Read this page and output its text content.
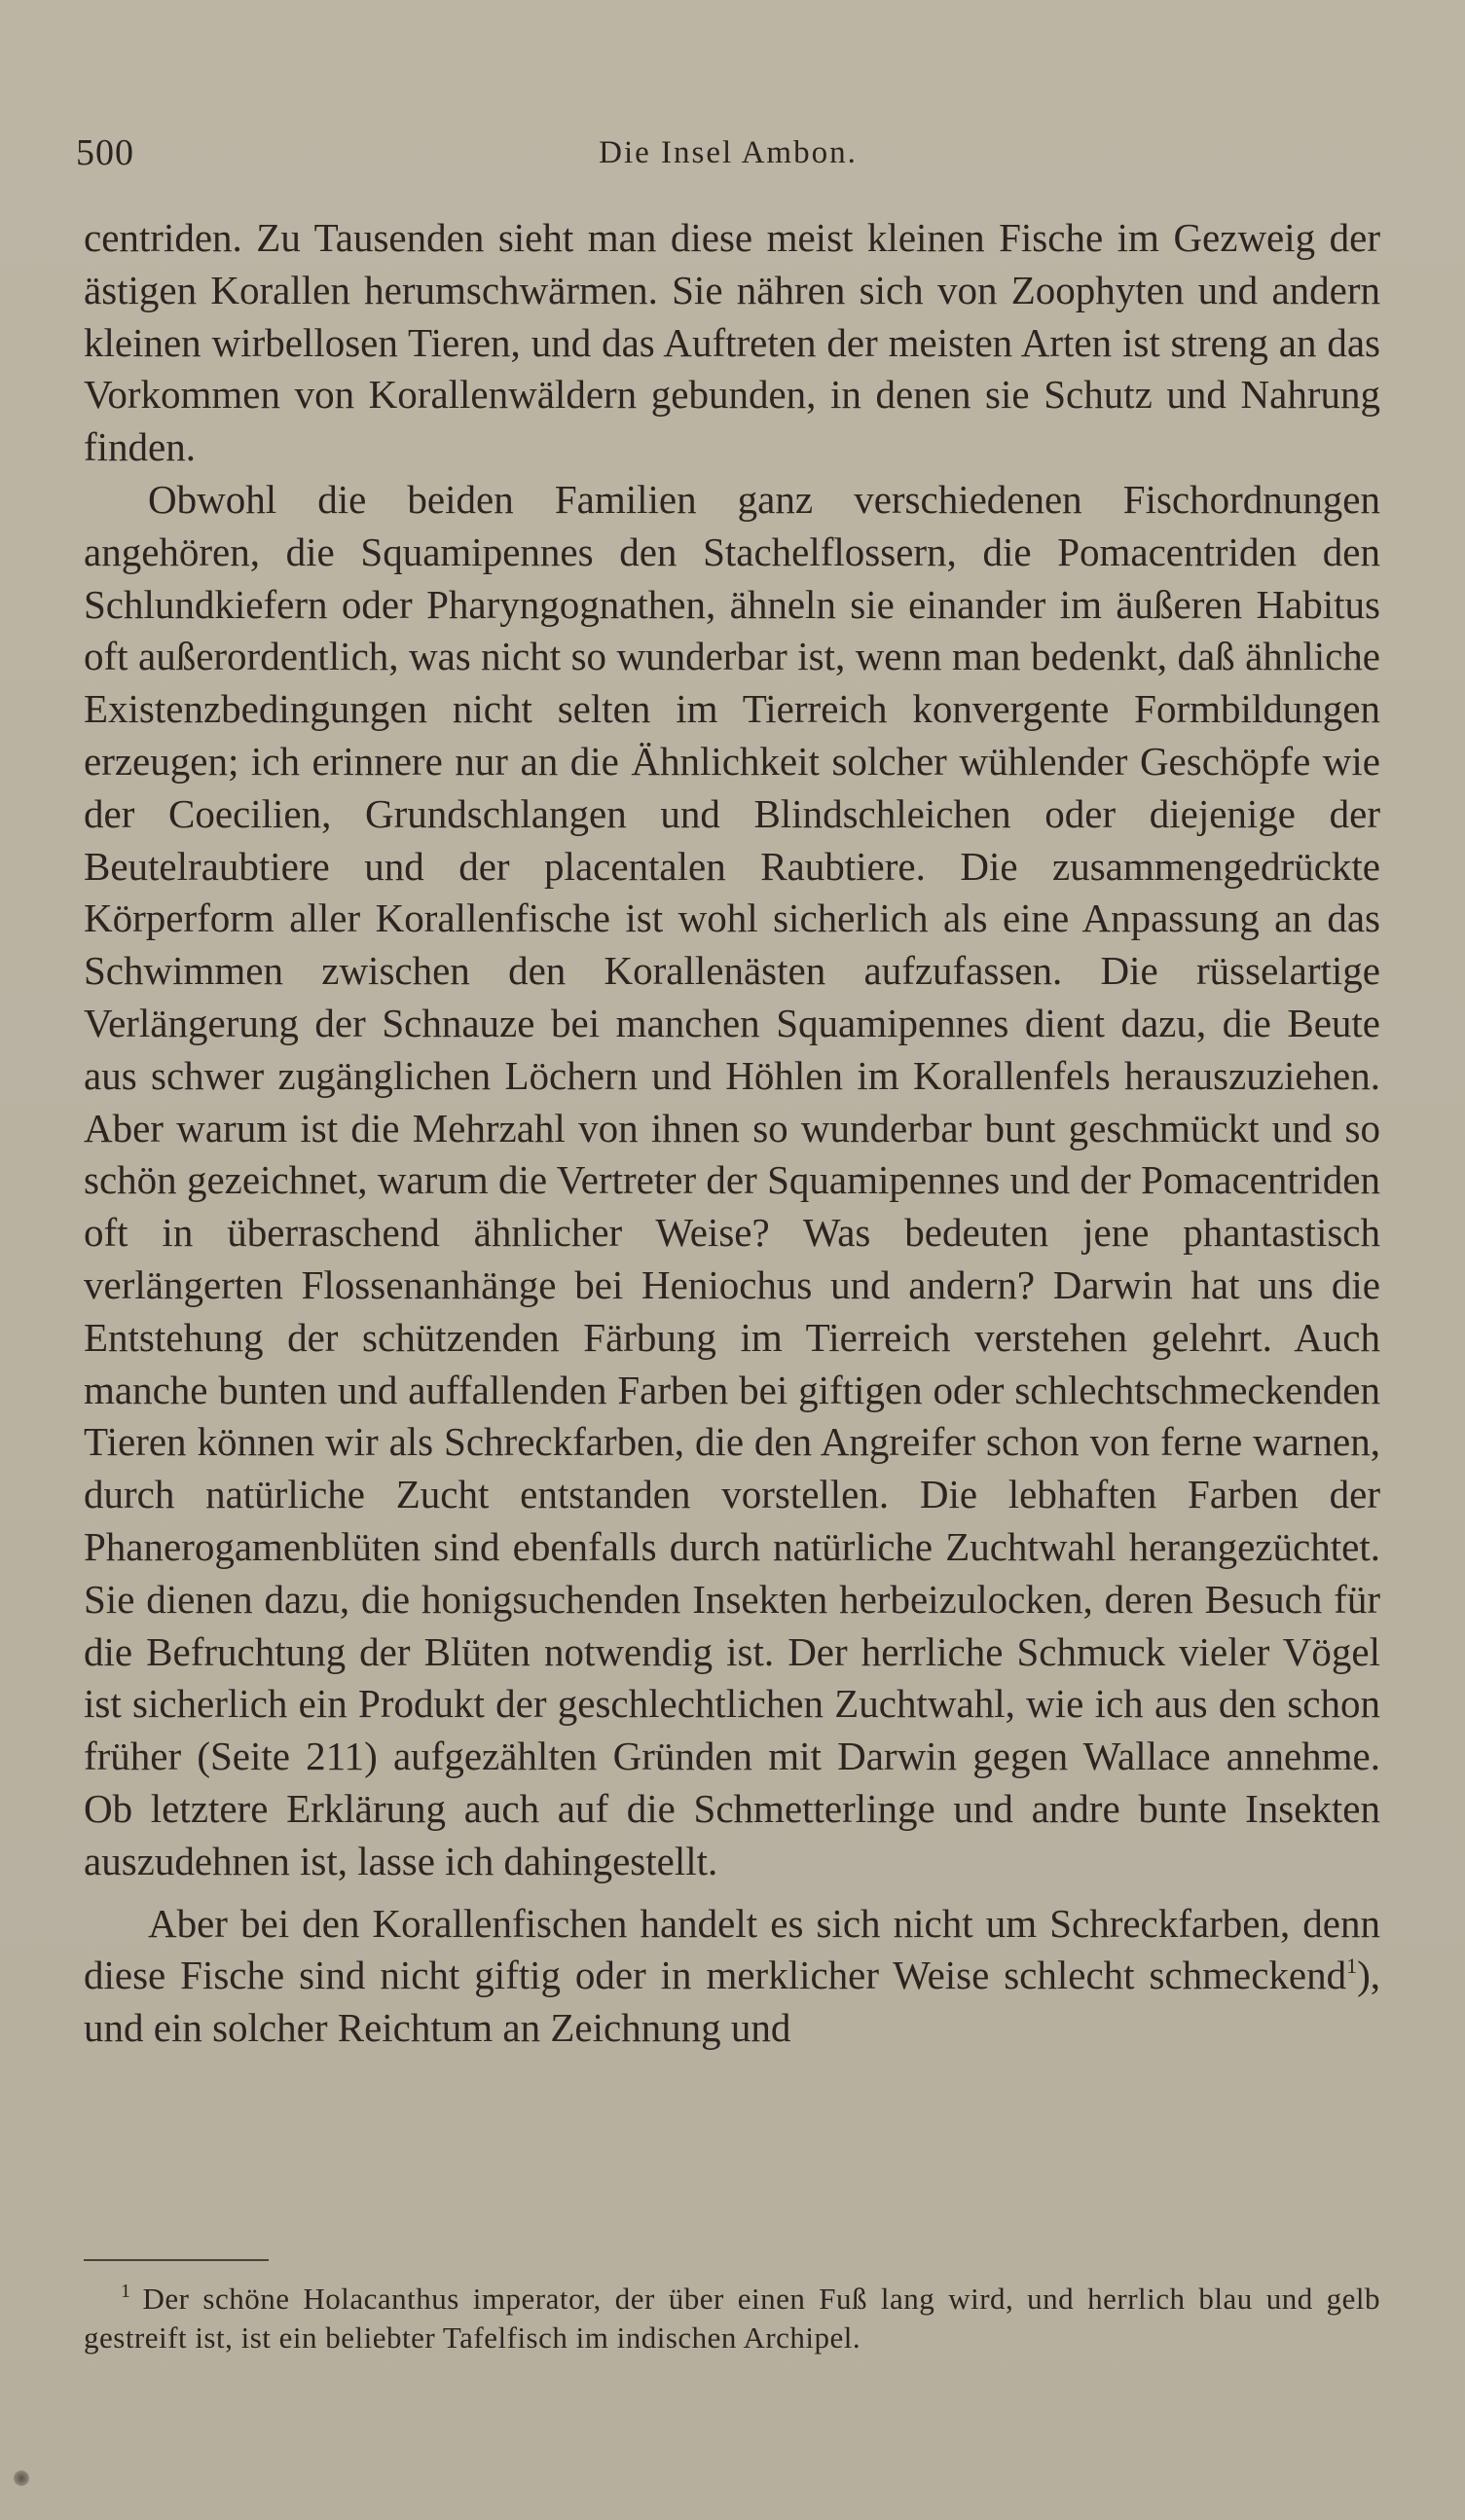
500	Die Insel Ambon.

centriden. Zu Tausenden sieht man diese meist kleinen Fische im Gezweig der ästigen Korallen herumschwärmen. Sie nähren sich von Zoophyten und andern kleinen wirbellosen Tieren, und das Auftreten der meisten Arten ist streng an das Vorkommen von Korallenwäldern gebunden, in denen sie Schutz und Nahrung finden.

Obwohl die beiden Familien ganz verschiedenen Fischordnungen angehören, die Squamipennes den Stachelflossern, die Pomacentriden den Schlundkiefern oder Pharyngognathen, ähneln sie einander im äußeren Habitus oft außerordentlich, was nicht so wunderbar ist, wenn man bedenkt, daß ähnliche Existenzbedingungen nicht selten im Tierreich konvergente Formbildungen erzeugen; ich erinnere nur an die Ähnlichkeit solcher wühlender Geschöpfe wie der Coecilien, Grundschlangen und Blindschleichen oder diejenige der Beutelraubtiere und der placentalen Raubtiere. Die zusammengedrückte Körperform aller Korallenfische ist wohl sicherlich als eine Anpassung an das Schwimmen zwischen den Korallenästen aufzufassen. Die rüsselartige Verlängerung der Schnauze bei manchen Squamipennes dient dazu, die Beute aus schwer zugänglichen Löchern und Höhlen im Korallenfels herauszuziehen. Aber warum ist die Mehrzahl von ihnen so wunderbar bunt geschmückt und so schön gezeichnet, warum die Vertreter der Squamipennes und der Pomacentriden oft in überraschend ähnlicher Weise? Was bedeuten jene phantastisch verlängerten Flossenanhänge bei Heniochus und andern? Darwin hat uns die Entstehung der schützenden Färbung im Tierreich verstehen gelehrt. Auch manche bunten und auffallenden Farben bei giftigen oder schlechtschmeckenden Tieren können wir als Schreckfarben, die den Angreifer schon von ferne warnen, durch natürliche Zucht entstanden vorstellen. Die lebhaften Farben der Phanerogamenblüten sind ebenfalls durch natürliche Zuchtwahl herangezüchtet. Sie dienen dazu, die honigsuchenden Insekten herbeizulocken, deren Besuch für die Befruchtung der Blüten notwendig ist. Der herrliche Schmuck vieler Vögel ist sicherlich ein Produkt der geschlechtlichen Zuchtwahl, wie ich aus den schon früher (Seite 211) aufgezählten Gründen mit Darwin gegen Wallace annehme. Ob letztere Erklärung auch auf die Schmetterlinge und andre bunte Insekten auszudehnen ist, lasse ich dahingestellt.

Aber bei den Korallenfischen handelt es sich nicht um Schreckfarben, denn diese Fische sind nicht giftig oder in merklicher Weise schlecht schmeckend$^1$), und ein solcher Reichtum an Zeichnung und

$^1$ Der schöne Holacanthus imperator, der über einen Fuß lang wird, und herrlich blau und gelb gestreift ist, ist ein beliebter Tafelfisch im indischen Archipel.
